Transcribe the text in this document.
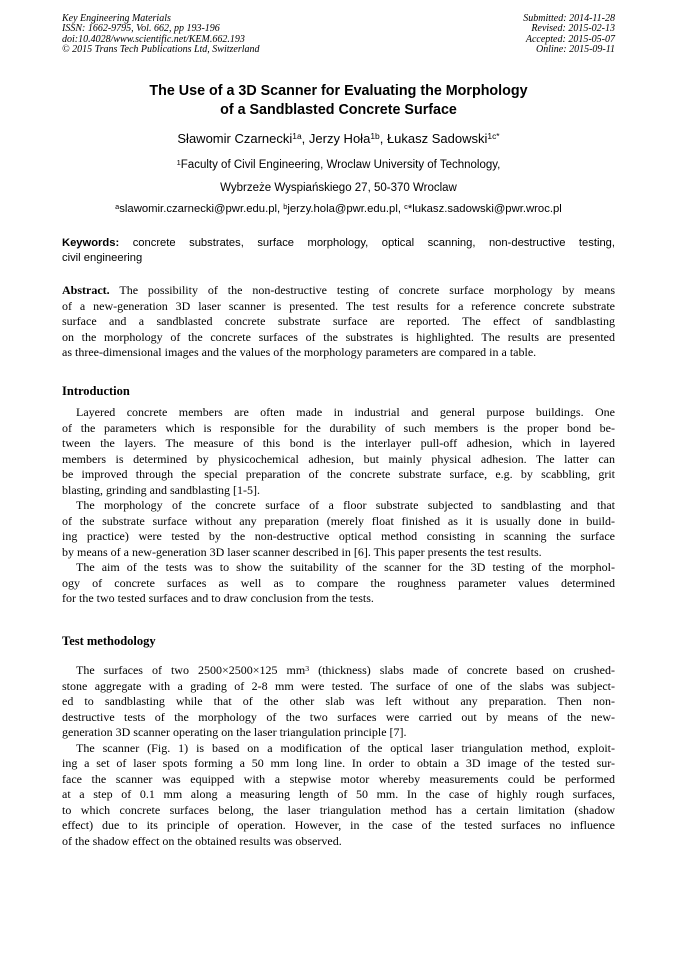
Key Engineering Materials
ISSN: 1662-9795, Vol. 662, pp 193-196
doi:10.4028/www.scientific.net/KEM.662.193
© 2015 Trans Tech Publications Ltd, Switzerland
Submitted: 2014-11-28
Revised: 2015-02-13
Accepted: 2015-05-07
Online: 2015-09-11
The Use of a 3D Scanner for Evaluating the Morphology
of a Sandblasted Concrete Surface
Sławomir Czarnecki$^{1a}$, Jerzy Hoła$^{1b}$, Łukasz Sadowski$^{1c*}$
$^1$Faculty of Civil Engineering, Wroclaw University of Technology,
Wybrzeże Wyspiańskiego 27, 50-370 Wroclaw
$^a$slawomir.czarnecki@pwr.edu.pl, $^b$jerzy.hola@pwr.edu.pl, $^c$*lukasz.sadowski@pwr.wroc.pl
Keywords: concrete substrates, surface morphology, optical scanning, non-destructive testing,
civil engineering
Abstract. The possibility of the non-destructive testing of concrete surface morphology by means
of a new-generation 3D laser scanner is presented. The test results for a reference concrete substrate
surface and a sandblasted concrete substrate surface are reported. The effect of sandblasting
on the morphology of the concrete surfaces of the substrates is highlighted. The results are presented
as three-dimensional images and the values of the morphology parameters are compared in a table.
Introduction
Layered concrete members are often made in industrial and general purpose buildings. One
of the parameters which is responsible for the durability of such members is the proper bond be-
tween the layers. The measure of this bond is the interlayer pull-off adhesion, which in layered
members is determined by physicochemical adhesion, but mainly physical adhesion. The latter can
be improved through the special preparation of the concrete substrate surface, e.g. by scabbling, grit
blasting, grinding and sandblasting [1-5].
The morphology of the concrete surface of a floor substrate subjected to sandblasting and that
of the substrate surface without any preparation (merely float finished as it is usually done in build-
ing practice) were tested by the non-destructive optical method consisting in scanning the surface
by means of a new-generation 3D laser scanner described in [6]. This paper presents the test results.
The aim of the tests was to show the suitability of the scanner for the 3D testing of the morphol-
ogy of concrete surfaces as well as to compare the roughness parameter values determined
for the two tested surfaces and to draw conclusion from the tests.
Test methodology
The surfaces of two 2500×2500×125 $mm^3$ (thickness) slabs made of concrete based on crushed-
stone aggregate with a grading of 2-8 mm were tested. The surface of one of the slabs was subject-
ed to sandblasting while that of the other slab was left without any preparation. Then non-
destructive tests of the morphology of the two surfaces were carried out by means of the new-
generation 3D scanner operating on the laser triangulation principle [7].
The scanner (Fig. 1) is based on a modification of the optical laser triangulation method, exploit-
ing a set of laser spots forming a 50 mm long line. In order to obtain a 3D image of the tested sur-
face the scanner was equipped with a stepwise motor whereby measurements could be performed
at a step of 0.1 mm along a measuring length of 50 mm. In the case of highly rough surfaces,
to which concrete surfaces belong, the laser triangulation method has a certain limitation (shadow
effect) due to its principle of operation. However, in the case of the tested surfaces no influence
of the shadow effect on the obtained results was observed.
